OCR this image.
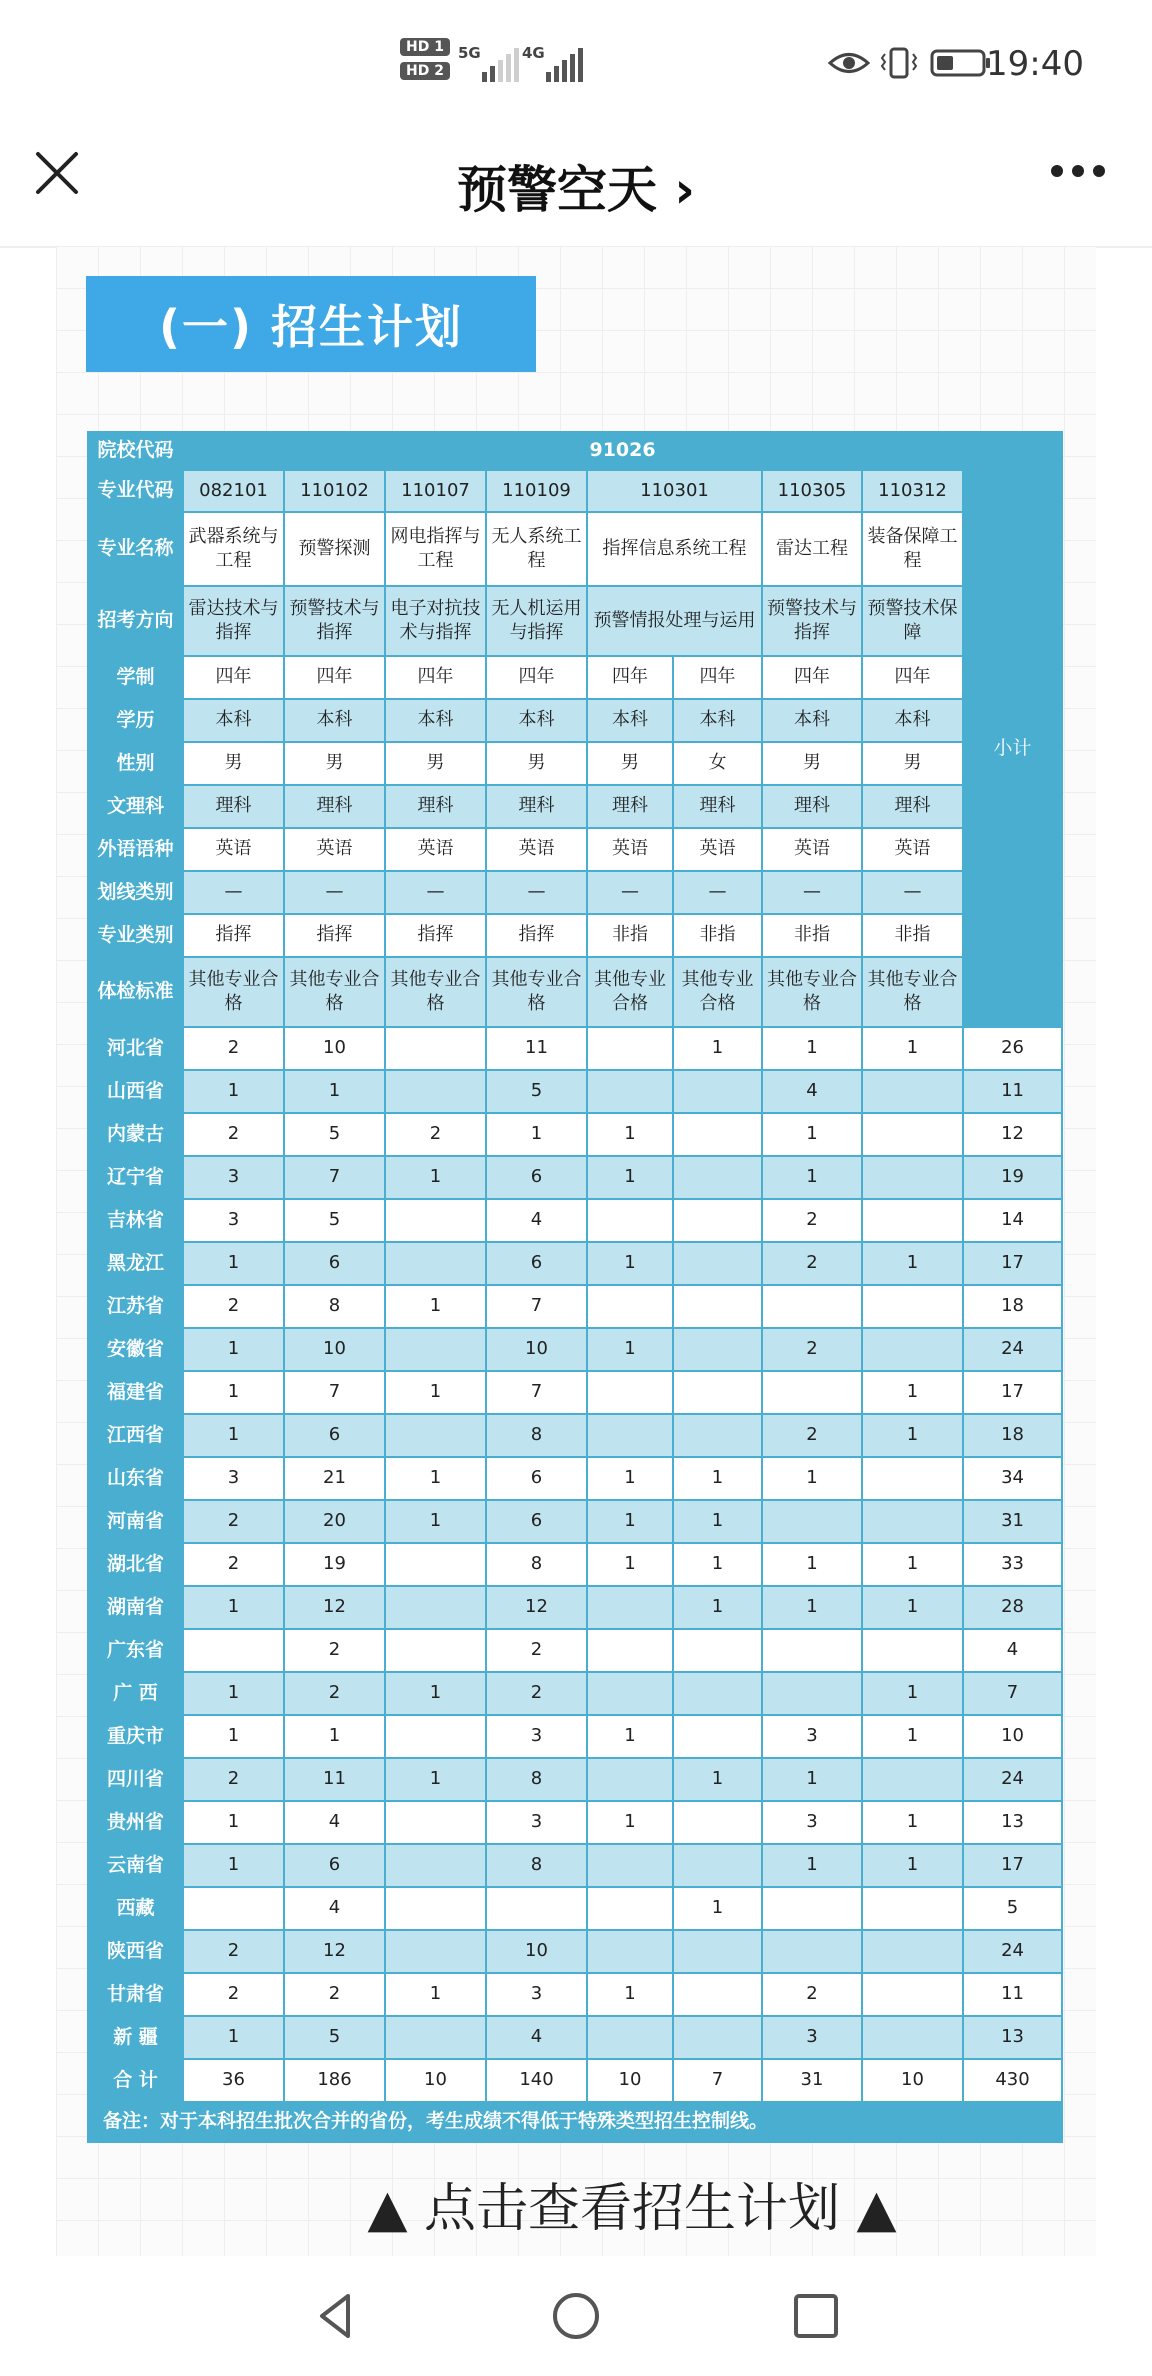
HD 1
HD 2
5G	4G	19:40
预警空天 ›
(一) 招生计划
院校代码	91026								
专业代码	082101	110102	110107	110109	110301		110305	110312	小计
专业名称	武器系统与工程	预警探测	网电指挥与工程	无人系统工程	指挥信息系统工程		雷达工程	装备保障工程	
招考方向	雷达技术与指挥	预警技术与指挥	电子对抗技术与指挥	无人机运用与指挥	预警情报处理与运用		预警技术与指挥	预警技术保障	
学制	四年	四年	四年	四年	四年	四年	四年	四年	
学历	本科	本科	本科	本科	本科	本科	本科	本科	
性别	男	男	男	男	男	女	男	男	
文理科	理科	理科	理科	理科	理科	理科	理科	理科	
外语语种	英语	英语	英语	英语	英语	英语	英语	英语	
划线类别	—	—	—	—	—	—	—	—	
专业类别	指挥	指挥	指挥	指挥	非指	非指	非指	非指	
体检标准	其他专业合格	其他专业合格	其他专业合格	其他专业合格	其他专业合格	其他专业合格	其他专业合格	其他专业合格	
河北省	2	10		11		1	1	1	26
山西省	1	1		5			4		11
内蒙古	2	5	2	1	1		1		12
辽宁省	3	7	1	6	1		1		19
吉林省	3	5		4			2		14
黑龙江	1	6		6	1		2	1	17
江苏省	2	8	1	7					18
安徽省	1	10		10	1		2		24
福建省	1	7	1	7				1	17
江西省	1	6		8			2	1	18
山东省	3	21	1	6	1	1	1		34
河南省	2	20	1	6	1	1			31
湖北省	2	19		8	1	1	1	1	33
湖南省	1	12		12		1	1	1	28
广东省		2		2					4
广 西	1	2	1	2				1	7
重庆市	1	1		3	1		3	1	10
四川省	2	11	1	8		1	1		24
贵州省	1	4		3	1		3	1	13
云南省	1	6		8			1	1	17
西藏		4				1			5
陕西省	2	12		10					24
甘肃省	2	2	1	3	1		2		11
新 疆	1	5		4			3		13
合 计	36	186	10	140	10	7	31	10	430
备注：对于本科招生批次合并的省份，考生成绩不得低于特殊类型招生控制线。									
▲ 点击查看招生计划 ▲
